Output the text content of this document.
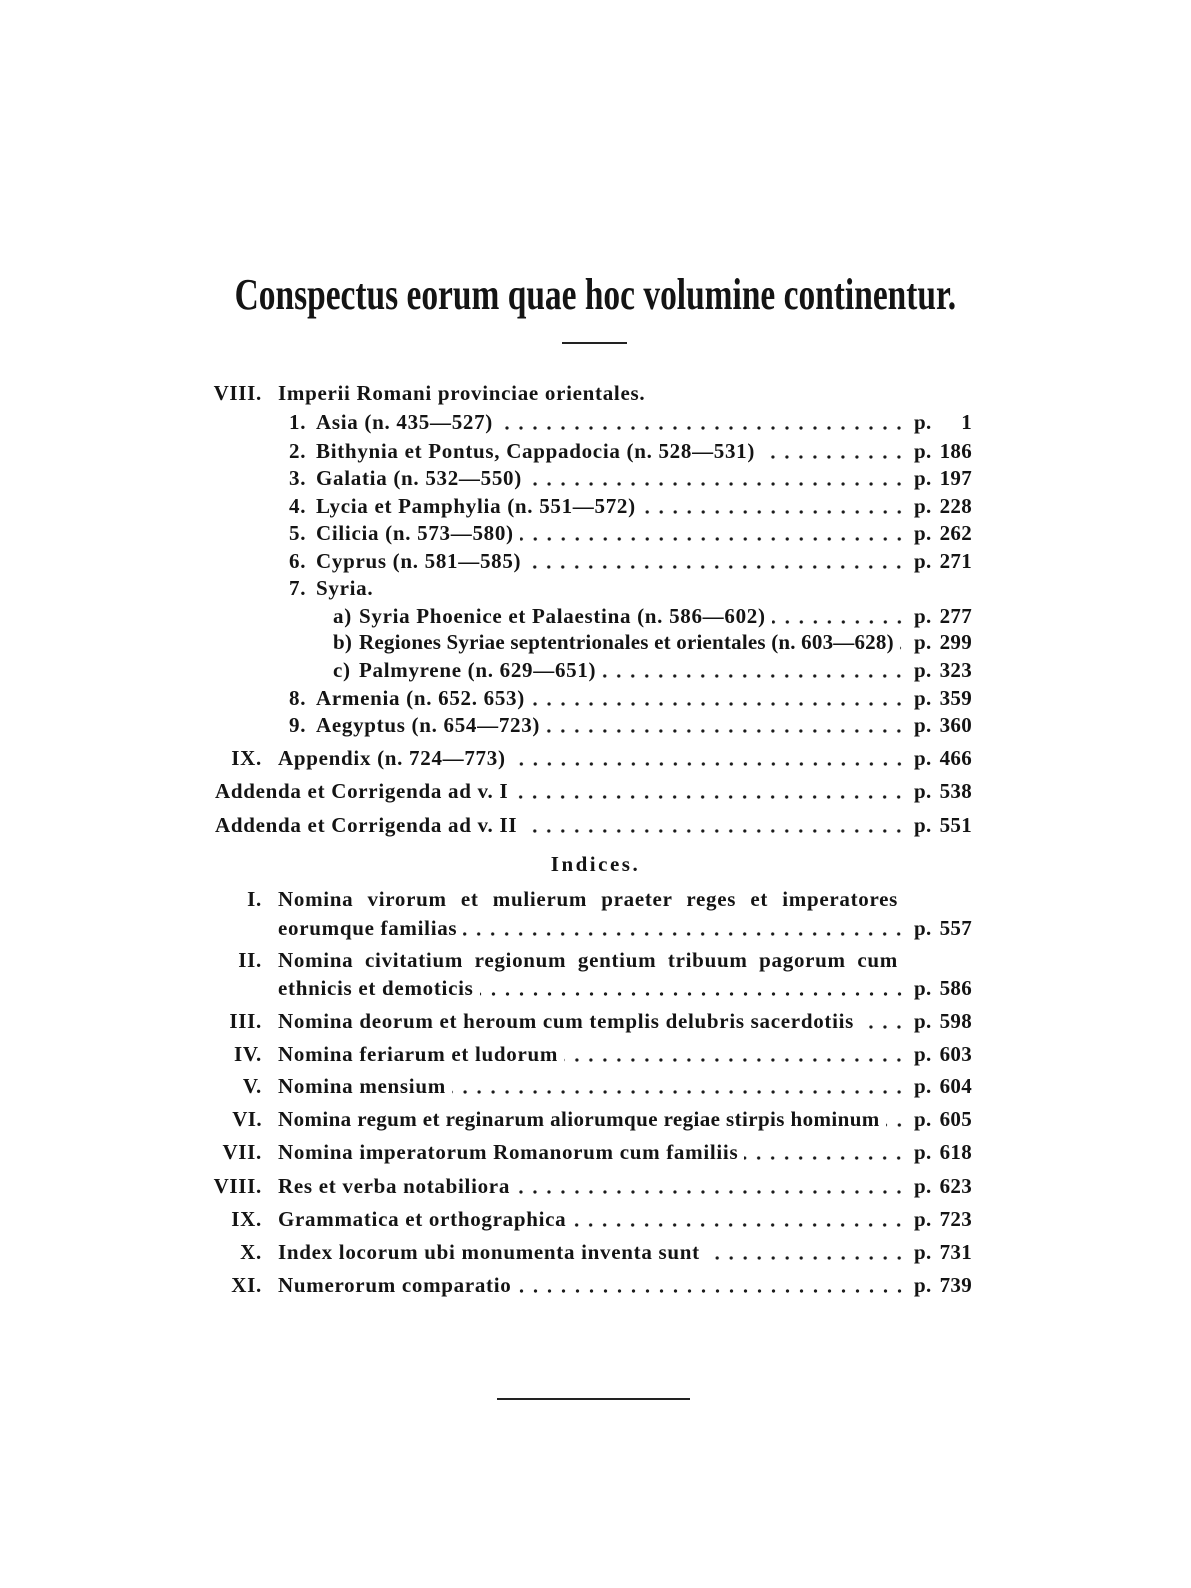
Conspectus eorum quae hoc volumine continentur.
VIII. Imperii Romani provinciae orientales.
1. Asia (n. 435—527)	p. 1
2. Bithynia et Pontus, Cappadocia (n. 528—531)	p. 186
3. Galatia (n. 532—550)	p. 197
4. Lycia et Pamphylia (n. 551—572)	p. 228
5. Cilicia (n. 573—580)	p. 262
6. Cyprus (n. 581—585)	p. 271
7. Syria.
a) Syria Phoenice et Palaestina (n. 586—602)	p. 277
b) Regiones Syriae septentrionales et orientales (n. 603—628) p. 299
c) Palmyrene (n. 629—651)	p. 323
8. Armenia (n. 652. 653)	p. 359
9. Aegyptus (n. 654—723)	p. 360
IX. Appendix (n. 724—773)	p. 466
Addenda et Corrigenda ad v. I	p. 538
Addenda et Corrigenda ad v. II	p. 551
Indices.
I. Nomina virorum et mulierum praeter reges et imperatores
eorumque familias	p. 557
II. Nomina civitatium regionum gentium tribuum pagorum cum
ethnicis et demoticis	p. 586
III. Nomina deorum et heroum cum templis delubris sacerdotiis	p. 598
IV. Nomina feriarum et ludorum	p. 603
V. Nomina mensium	p. 604
VI. Nomina regum et reginarum aliorumque regiae stirpis hominum p. 605
VII. Nomina imperatorum Romanorum cum familiis	p. 618
VIII. Res et verba notabiliora	p. 623
IX. Grammatica et orthographica	p. 723
X. Index locorum ubi monumenta inventa sunt	p. 731
XI. Numerorum comparatio	p. 739
